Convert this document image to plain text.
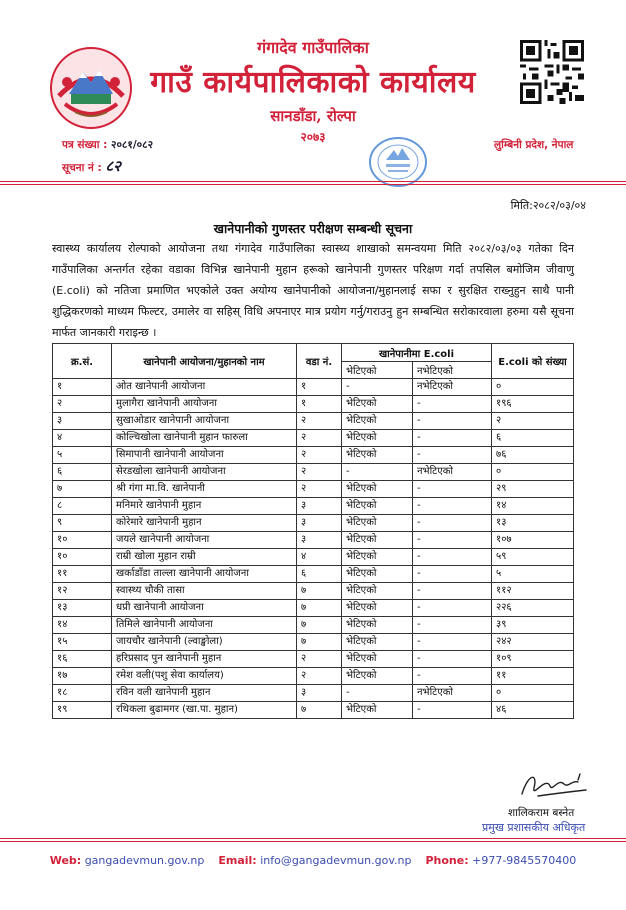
गंगादेव गाउँपालिका
गाउँ कार्यपालिकाको कार्यालय
सानडाँडा, रोल्पा
२०७३
पत्र संख्या : २०८१/०८२
सूचना नं : ८२
लुम्बिनी प्रदेश, नेपाल
मिति:२०८२/०३/०४
खानेपानीको गुणस्तर परीक्षण सम्बन्धी सूचना
स्वास्थ्य कार्यालय रोल्पाको आयोजना तथा गंगादेव गाउँपालिका स्वास्थ्य शाखाको समन्वयमा मिति २०८२/०३/०३ गतेका दिन गाउँपालिका अन्तर्गत रहेका वडाका विभिन्न खानेपानी मुहान हरूको खानेपानी गुणस्तर परिक्षण गर्दा तपसिल बमोजिम जीवाणु (E.coli) को नतिजा प्रमाणित भएकोले उक्त अयोग्य खानेपानीको आयोजना/मुहानलाई सफा र सुरक्षित राख्नुहुन साथै पानी शुद्धिकरणको माध्यम फिल्टर, उमालेर वा सहिस् विधि अपनाएर मात्र प्रयोग गर्नु/गराउनु हुन सम्बन्धित सरोकारवाला हरुमा यसै सूचना मार्फत जानकारी गराइन्छ ।
क्र.सं.	खानेपानी आयोजना/मुहानको नाम	वडा नं.	खानेपानीमा E.coli		E.coli को संख्या
			भेटिएको	नभेटिएको	
१	ओत खानेपानी आयोजना	१	-	नभेटिएको	०
२	मुलागैरा खानेपानी आयोजना	१	भेटिएको	-	१९६
३	सुखाओडार खानेपानी आयोजना	२	भेटिएको	-	२
४	कोल्चिखोला खानेपानी मुहान फारुला	२	भेटिएको	-	६
५	सिमापानी खानेपानी आयोजना	२	भेटिएको	-	७६
६	सेरडखोला खानेपानी आयोजना	२	-	नभेटिएको	०
७	श्री गंगा मा.वि. खानेपानी	२	भेटिएको	-	२९
८	मनिमारे खानेपानी मुहान	३	भेटिएको	-	१४
९	कोरेमारे खानेपानी मुहान	३	भेटिएको	-	१३
१०	जयले खानेपानी आयोजना	३	भेटिएको	-	१०७
१०	राम्री खोला मुहान राम्री	४	भेटिएको	-	५९
११	खर्काडाँडा ताल्ला खानेपानी आयोजना	६	भेटिएको	-	५
१२	स्वास्थ्य चौकी तासा	७	भेटिएको	-	११२
१३	धप्री खानेपानी आयोजना	७	भेटिएको	-	२२६
१४	तिमिले खानेपानी आयोजना	७	भेटिएको	-	३९
१५	जायचौर खानेपानी (ल्वाङ्खोला)	७	भेटिएको	-	२४२
१६	हरिप्रसाद पुन खानेपानी मुहान	२	भेटिएको	-	१०९
१७	रमेश वली(पशु सेवा कार्यालय)	२	भेटिएको	-	११
१८	रविन वली खानेपानी मुहान	३	-	नभेटिएको	०
१९	रथिकला बुढामगर (खा.पा. मुहान)	७	भेटिएको	-	४६
शालिकराम बस्नेत
प्रमुख प्रशासकीय अधिकृत
Web: gangadevmun.gov.np Email: info@gangadevmun.gov.np Phone: +977-9845570400
